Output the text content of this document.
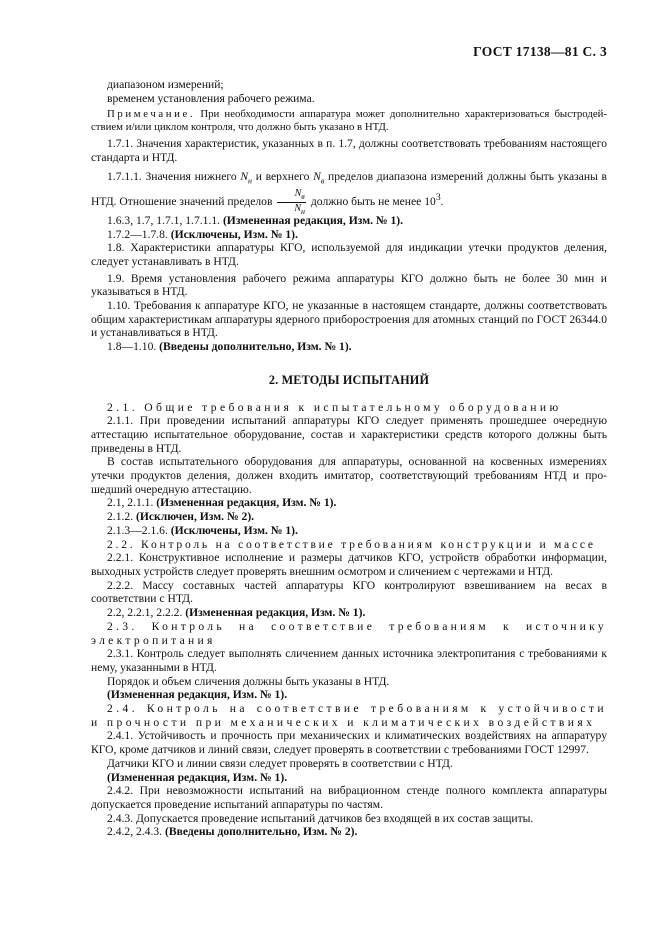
ГОСТ 17138—81 С. 3

диапазоном измерений;

временем установления рабочего режима.

Примечание. При необходимости аппаратура может дополнительно характеризоваться быстродействием и/или циклом контроля, что должно быть указано в НТД.

1.7.1. Значения характеристик, указанных в п. 1.7, должны соответствовать требованиям настоящего стандарта и НТД.

1.7.1.1. Значения нижнего $N_н$ и верхнего $N_в$ пределов диапазона измерений должны быть указаны в НТД. Отношение значений пределов $\frac{N_в}{N_н}$ должно быть не менее $10^3$.

1.6.3, 1.7, 1.7.1, 1.7.1.1. (Измененная редакция, Изм. № 1).

1.7.2—1.7.8. (Исключены, Изм. № 1).

1.8. Характеристики аппаратуры КГО, используемой для индикации утечки продуктов деления, следует устанавливать в НТД.

1.9. Время установления рабочего режима аппаратуры КГО должно быть не более 30 мин и указываться в НТД.

1.10. Требования к аппаратуре КГО, не указанные в настоящем стандарте, должны соответствовать общим характеристикам аппаратуры ядерного приборостроения для атомных станций по ГОСТ 26344.0 и устанавливаться в НТД.

1.8—1.10. (Введены дополнительно, Изм. № 1).

2. МЕТОДЫ ИСПЫТАНИЙ

2.1. Общие требования к испытательному оборудованию

2.1.1. При проведении испытаний аппаратуры КГО следует применять прошедшее очередную аттестацию испытательное оборудование, состав и характеристики средств которого должны быть приведены в НТД.

В состав испытательного оборудования для аппаратуры, основанной на косвенных измерениях утечки продуктов деления, должен входить имитатор, соответствующий требованиям НТД и прошедший очередную аттестацию.

2.1, 2.1.1. (Измененная редакция, Изм. № 1).

2.1.2. (Исключен, Изм. № 2).

2.1.3—2.1.6. (Исключены, Изм. № 1).

2.2. Контроль на соответствие требованиям конструкции и массе

2.2.1. Конструктивное исполнение и размеры датчиков КГО, устройств обработки информации, выходных устройств следует проверять внешним осмотром и сличением с чертежами и НТД.

2.2.2. Массу составных частей аппаратуры КГО контролируют взвешиванием на весах в соответствии с НТД.

2.2, 2.2.1, 2.2.2. (Измененная редакция, Изм. № 1).

2.3. Контроль на соответствие требованиям к источнику электропитания

2.3.1. Контроль следует выполнять сличением данных источника электропитания с требованиями к нему, указанными в НТД.

Порядок и объем сличения должны быть указаны в НТД.

(Измененная редакция, Изм. № 1).

2.4. Контроль на соответствие требованиям к устойчивости и прочности при механических и климатических воздействиях

2.4.1. Устойчивость и прочность при механических и климатических воздействиях на аппаратуру КГО, кроме датчиков и линий связи, следует проверять в соответствии с требованиями ГОСТ 12997.

Датчики КГО и линии связи следует проверять в соответствии с НТД.

(Измененная редакция, Изм. № 1).

2.4.2. При невозможности испытаний на вибрационном стенде полного комплекта аппаратуры допускается проведение испытаний аппаратуры по частям.

2.4.3. Допускается проведение испытаний датчиков без входящей в их состав защиты.

2.4.2, 2.4.3. (Введены дополнительно, Изм. № 2).
